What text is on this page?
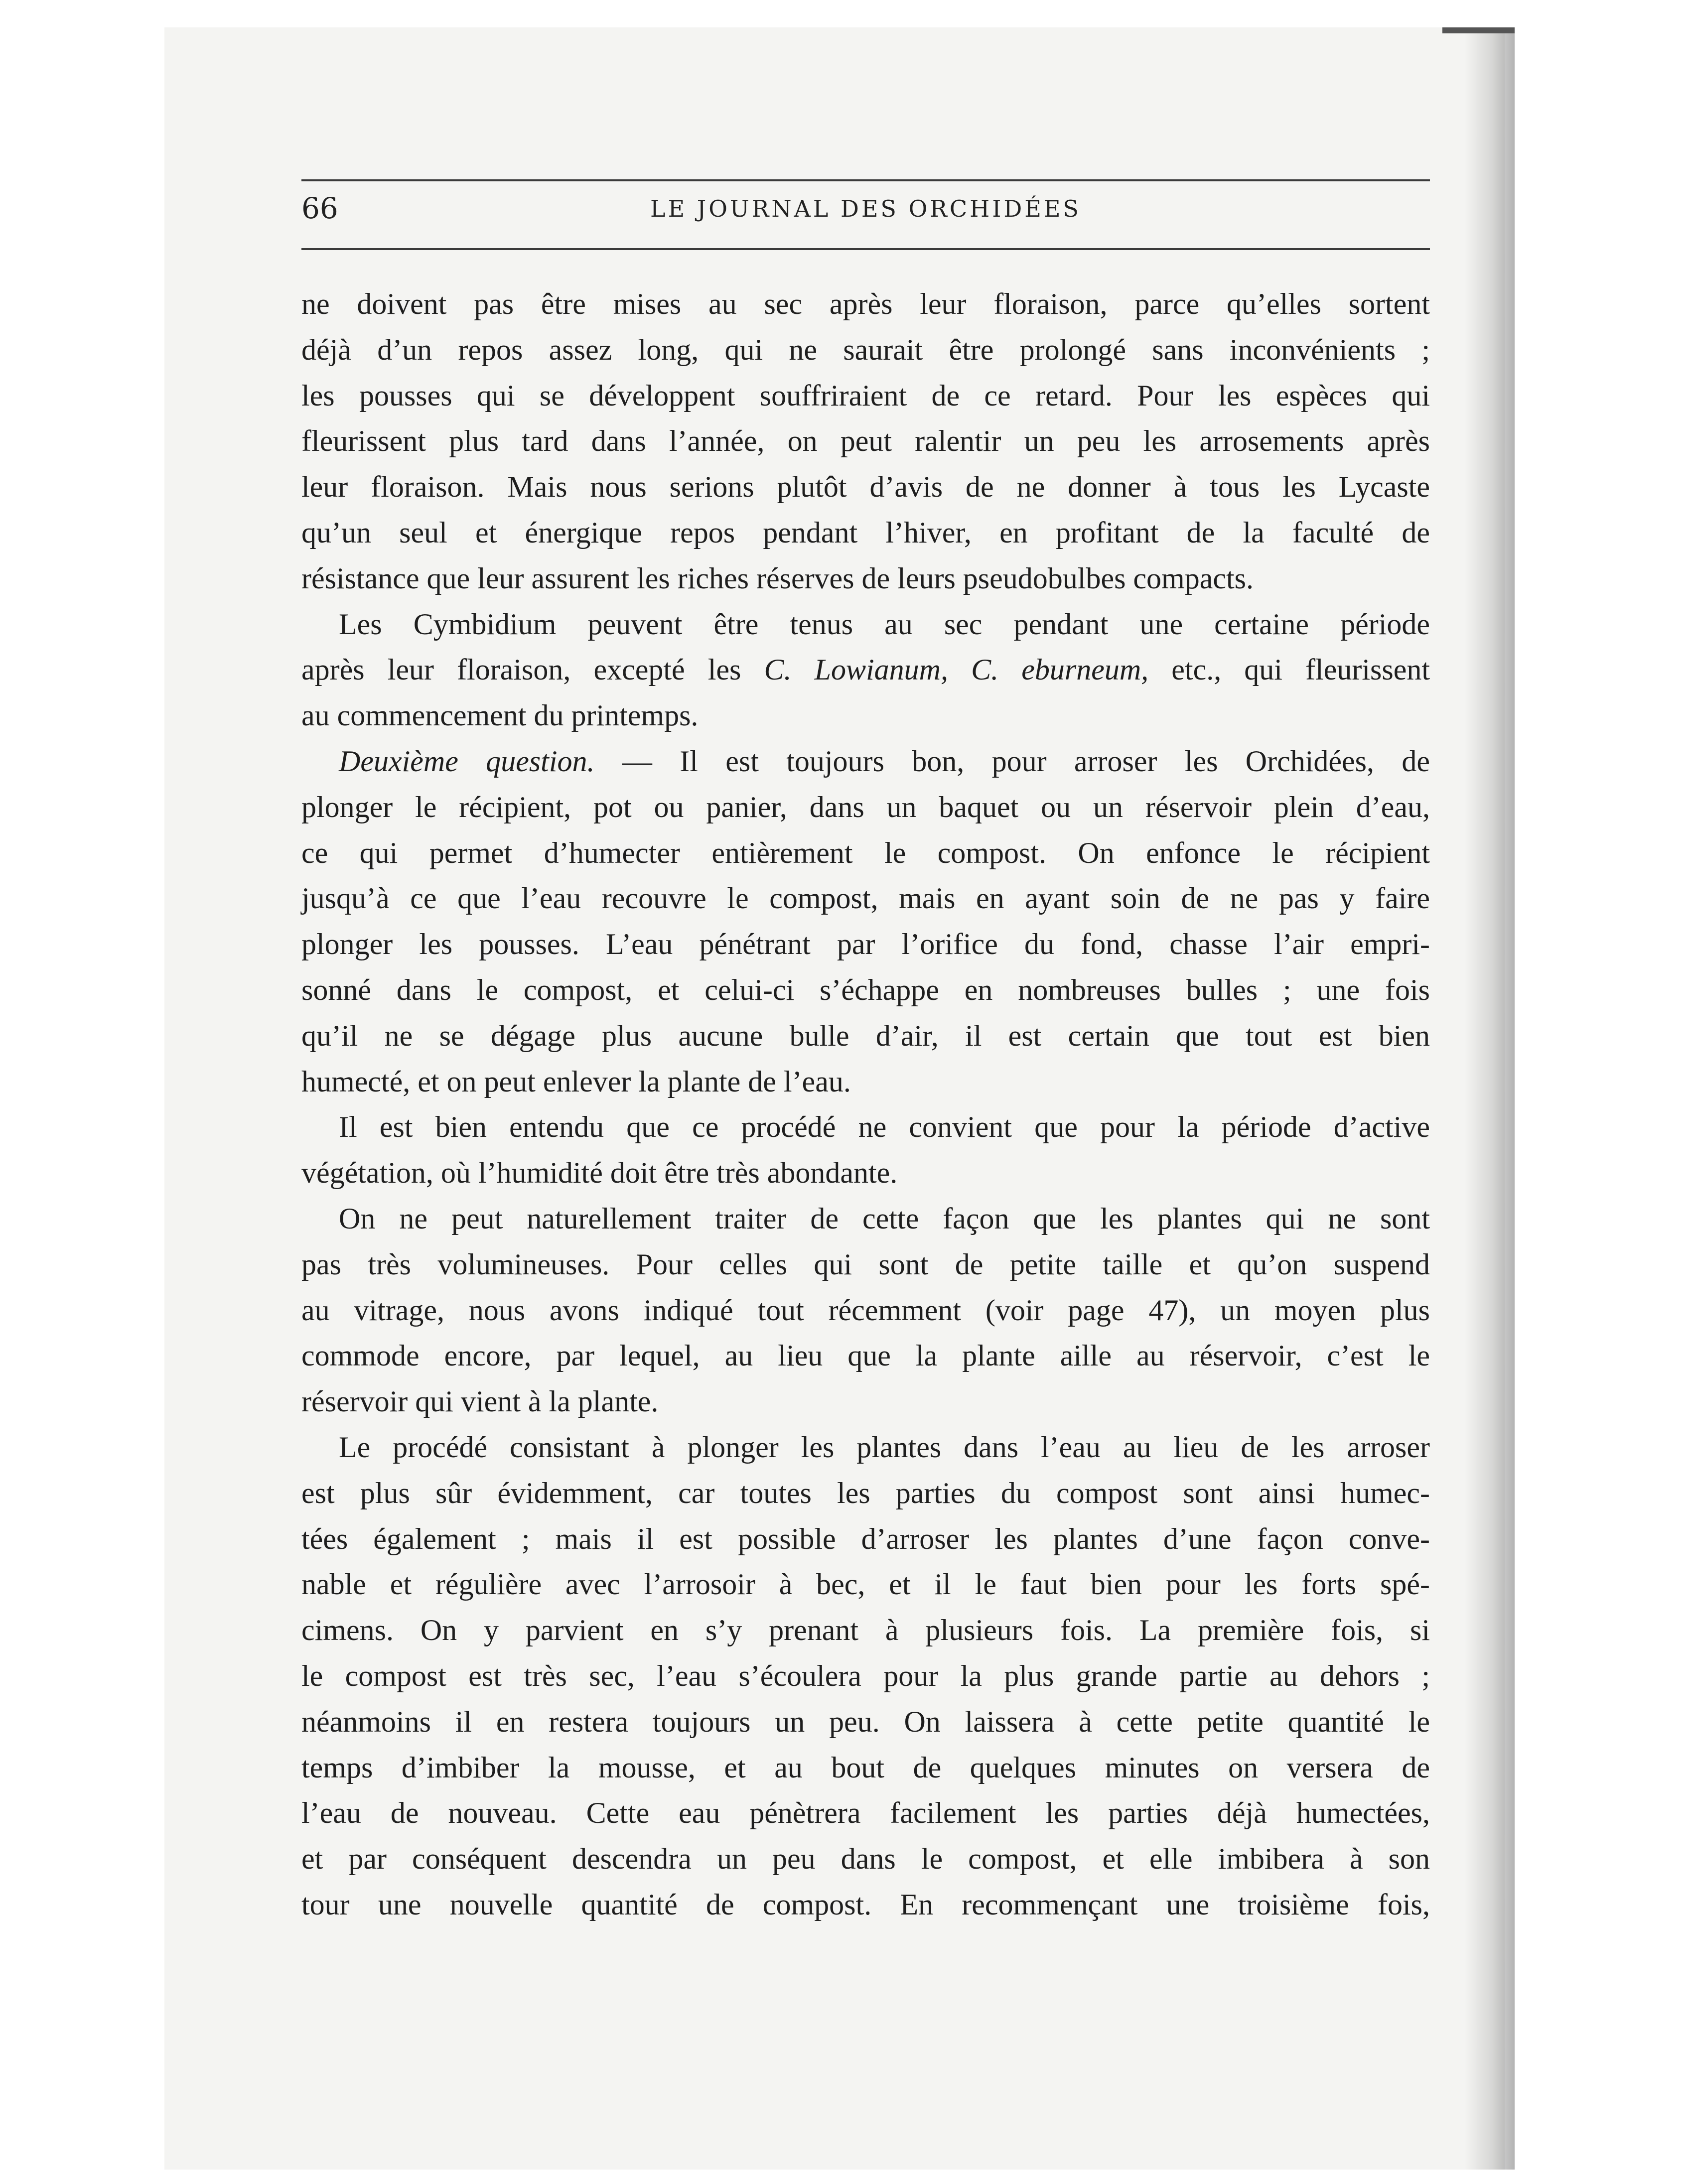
66	LE JOURNAL DES ORCHIDÉES
ne doivent pas être mises au sec après leur floraison, parce qu’elles sortent
déjà d’un repos assez long, qui ne saurait être prolongé sans inconvénients ;
les pousses qui se développent souffriraient de ce retard. Pour les espèces qui
fleurissent plus tard dans l’année, on peut ralentir un peu les arrosements après
leur floraison. Mais nous serions plutôt d’avis de ne donner à tous les Lycaste
qu’un seul et énergique repos pendant l’hiver, en profitant de la faculté de
résistance que leur assurent les riches réserves de leurs pseudobulbes compacts.
Les Cymbidium peuvent être tenus au sec pendant une certaine période
après leur floraison, excepté les C. Lowianum, C. eburneum, etc., qui fleurissent
au commencement du printemps.
Deuxième question. — Il est toujours bon, pour arroser les Orchidées, de
plonger le récipient, pot ou panier, dans un baquet ou un réservoir plein d’eau,
ce qui permet d’humecter entièrement le compost. On enfonce le récipient
jusqu’à ce que l’eau recouvre le compost, mais en ayant soin de ne pas y faire
plonger les pousses. L’eau pénétrant par l’orifice du fond, chasse l’air empri-
sonné dans le compost, et celui-ci s’échappe en nombreuses bulles ; une fois
qu’il ne se dégage plus aucune bulle d’air, il est certain que tout est bien
humecté, et on peut enlever la plante de l’eau.
Il est bien entendu que ce procédé ne convient que pour la période d’active
végétation, où l’humidité doit être très abondante.
On ne peut naturellement traiter de cette façon que les plantes qui ne sont
pas très volumineuses. Pour celles qui sont de petite taille et qu’on suspend
au vitrage, nous avons indiqué tout récemment (voir page 47), un moyen plus
commode encore, par lequel, au lieu que la plante aille au réservoir, c’est le
réservoir qui vient à la plante.
Le procédé consistant à plonger les plantes dans l’eau au lieu de les arroser
est plus sûr évidemment, car toutes les parties du compost sont ainsi humec-
tées également ; mais il est possible d’arroser les plantes d’une façon conve-
nable et régulière avec l’arrosoir à bec, et il le faut bien pour les forts spé-
cimens. On y parvient en s’y prenant à plusieurs fois. La première fois, si
le compost est très sec, l’eau s’écoulera pour la plus grande partie au dehors ;
néanmoins il en restera toujours un peu. On laissera à cette petite quantité le
temps d’imbiber la mousse, et au bout de quelques minutes on versera de
l’eau de nouveau. Cette eau pénètrera facilement les parties déjà humectées,
et par conséquent descendra un peu dans le compost, et elle imbibera à son
tour une nouvelle quantité de compost. En recommençant une troisième fois,
